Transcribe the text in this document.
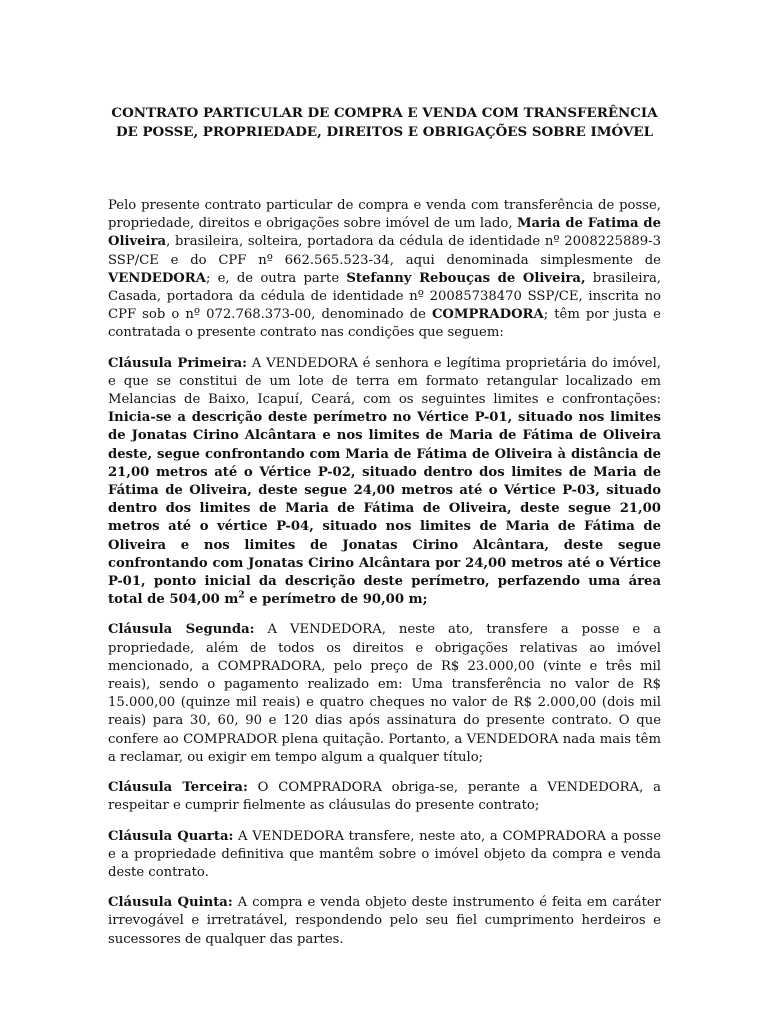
CONTRATO PARTICULAR DE COMPRA E VENDA COM TRANSFERÊNCIA DE POSSE, PROPRIEDADE, DIREITOS E OBRIGAÇÕES SOBRE IMÓVEL

Pelo presente contrato particular de compra e venda com transferência de posse, propriedade, direitos e obrigações sobre imóvel de um lado, Maria de Fatima de Oliveira, brasileira, solteira, portadora da cédula de identidade nº 2008225889-3 SSP/CE e do CPF nº 662.565.523-34, aqui denominada simplesmente de VENDEDORA; e, de outra parte Stefanny Rebouças de Oliveira, brasileira, Casada, portadora da cédula de identidade nº 20085738470 SSP/CE, inscrita no CPF sob o nº 072.768.373-00, denominado de COMPRADORA; têm por justa e contratada o presente contrato nas condições que seguem:

Cláusula Primeira: A VENDEDORA é senhora e legítima proprietária do imóvel, e que se constitui de um lote de terra em formato retangular localizado em Melancias de Baixo, Icapuí, Ceará, com os seguintes limites e confrontações: Inicia-se a descrição deste perímetro no Vértice P-01, situado nos limites de Jonatas Cirino Alcântara e nos limites de Maria de Fátima de Oliveira deste, segue confrontando com Maria de Fátima de Oliveira à distância de 21,00 metros até o Vértice P-02, situado dentro dos limites de Maria de Fátima de Oliveira, deste segue 24,00 metros até o Vértice P-03, situado dentro dos limites de Maria de Fátima de Oliveira, deste segue 21,00 metros até o vértice P-04, situado nos limites de Maria de Fátima de Oliveira e nos limites de Jonatas Cirino Alcântara, deste segue confrontando com Jonatas Cirino Alcântara por 24,00 metros até o Vértice P-01, ponto inicial da descrição deste perímetro, perfazendo uma área total de 504,00 $m^2$ e perímetro de 90,00 m;

Cláusula Segunda: A VENDEDORA, neste ato, transfere a posse e a propriedade, além de todos os direitos e obrigações relativas ao imóvel mencionado, a COMPRADORA, pelo preço de R$ 23.000,00 (vinte e três mil reais), sendo o pagamento realizado em: Uma transferência no valor de R$ 15.000,00 (quinze mil reais) e quatro cheques no valor de R$ 2.000,00 (dois mil reais) para 30, 60, 90 e 120 dias após assinatura do presente contrato. O que confere ao COMPRADOR plena quitação. Portanto, a VENDEDORA nada mais têm a reclamar, ou exigir em tempo algum a qualquer título;

Cláusula Terceira: O COMPRADORA obriga-se, perante a VENDEDORA, a respeitar e cumprir fielmente as cláusulas do presente contrato;

Cláusula Quarta: A VENDEDORA transfere, neste ato, a COMPRADORA a posse e a propriedade definitiva que mantêm sobre o imóvel objeto da compra e venda deste contrato.

Cláusula Quinta: A compra e venda objeto deste instrumento é feita em caráter irrevogável e irretratável, respondendo pelo seu fiel cumprimento herdeiros e sucessores de qualquer das partes.
